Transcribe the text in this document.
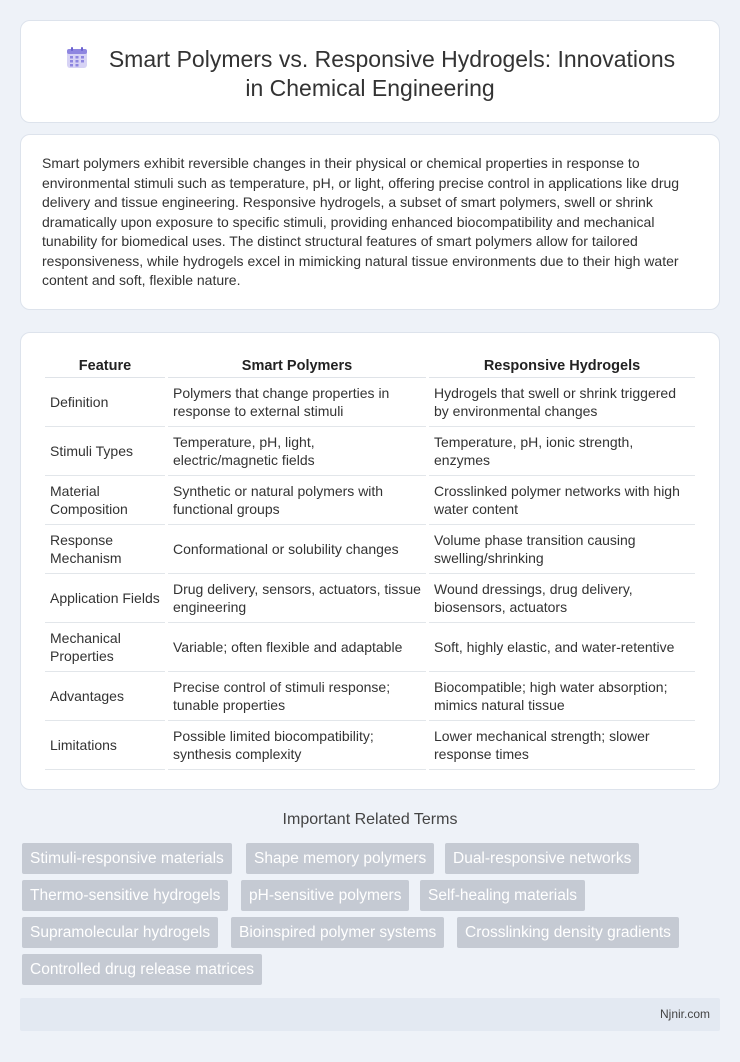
Smart Polymers vs. Responsive Hydrogels: Innovations
in Chemical Engineering

Smart polymers exhibit reversible changes in their physical or chemical properties in response to environmental stimuli such as temperature, pH, or light, offering precise control in applications like drug delivery and tissue engineering. Responsive hydrogels, a subset of smart polymers, swell or shrink dramatically upon exposure to specific stimuli, providing enhanced biocompatibility and mechanical tunability for biomedical uses. The distinct structural features of smart polymers allow for tailored responsiveness, while hydrogels excel in mimicking natural tissue environments due to their high water content and soft, flexible nature.

Feature	Smart Polymers	Responsive Hydrogels
Definition	Polymers that change properties in response to external stimuli	Hydrogels that swell or shrink triggered by environmental changes
Stimuli Types	Temperature, pH, light, electric/magnetic fields	Temperature, pH, ionic strength, enzymes
Material Composition	Synthetic or natural polymers with functional groups	Crosslinked polymer networks with high water content
Response Mechanism	Conformational or solubility changes	Volume phase transition causing swelling/shrinking
Application Fields	Drug delivery, sensors, actuators, tissue engineering	Wound dressings, drug delivery, biosensors, actuators
Mechanical Properties	Variable; often flexible and adaptable	Soft, highly elastic, and water-retentive
Advantages	Precise control of stimuli response; tunable properties	Biocompatible; high water absorption; mimics natural tissue
Limitations	Possible limited biocompatibility; synthesis complexity	Lower mechanical strength; slower response times
Important Related Terms
Stimuli-responsive materials	Shape memory polymers	Dual-responsive networks
Thermo-sensitive hydrogels	pH-sensitive polymers	Self-healing materials
Supramolecular hydrogels	Bioinspired polymer systems	Crosslinking density gradients
Controlled drug release matrices
Njnir.com
